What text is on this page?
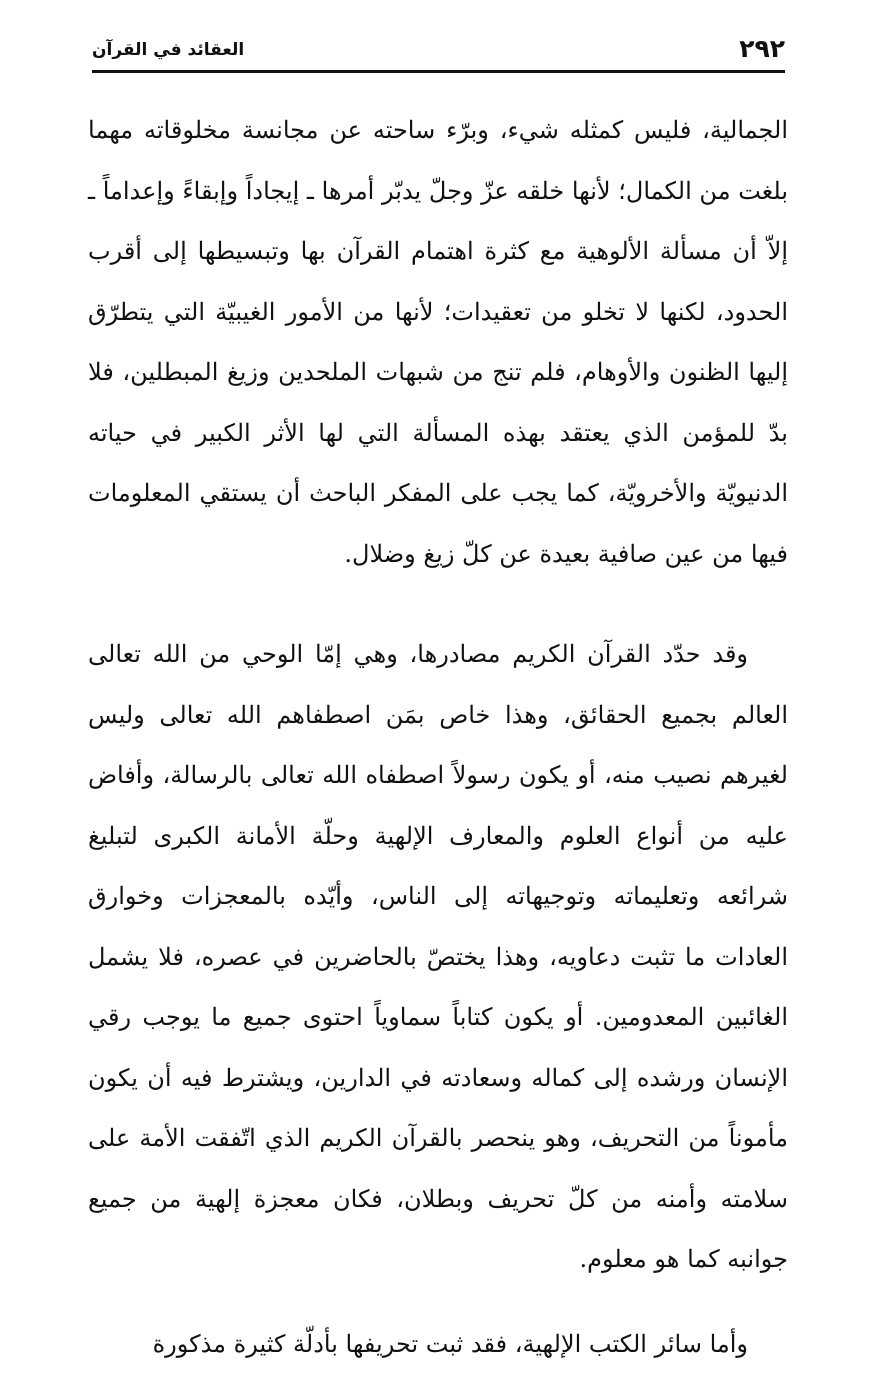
العقائد في القرآن	٢٩٢

الجمالية، فليس كمثله شيء، وبرّء ساحته عن مجانسة مخلوقاته مهما بلغت من الكمال؛ لأنها خلقه عزّ وجلّ يدبّر أمرها ـ إيجاداً وإبقاءً وإعداماً ـ إلاّ أن مسألة الألوهية مع كثرة اهتمام القرآن بها وتبسيطها إلى أقرب الحدود، لكنها لا تخلو من تعقيدات؛ لأنها من الأمور الغيبيّة التي يتطرّق إليها الظنون والأوهام، فلم تنج من شبهات الملحدين وزيغ المبطلين، فلا بدّ للمؤمن الذي يعتقد بهذه المسألة التي لها الأثر الكبير في حياته الدنيويّة والأخرويّة، كما يجب على المفكر الباحث أن يستقي المعلومات فيها من عين صافية بعيدة عن كلّ زيغ وضلال.

وقد حدّد القرآن الكريم مصادرها، وهي إمّا الوحي من الله تعالى العالم بجميع الحقائق، وهذا خاص بمَن اصطفاهم الله تعالى وليس لغيرهم نصيب منه، أو يكون رسولاً اصطفاه الله تعالى بالرسالة، وأفاض عليه من أنواع العلوم والمعارف الإلهية وحلّة الأمانة الكبرى لتبليغ شرائعه وتعليماته وتوجيهاته إلى الناس، وأيّده بالمعجزات وخوارق العادات ما تثبت دعاويه، وهذا يختصّ بالحاضرين في عصره، فلا يشمل الغائبين المعدومين. أو يكون كتاباً سماوياً احتوى جميع ما يوجب رقي الإنسان ورشده إلى كماله وسعادته في الدارين، ويشترط فيه أن يكون مأموناً من التحريف، وهو ينحصر بالقرآن الكريم الذي اتّفقت الأمة على سلامته وأمنه من كلّ تحريف وبطلان، فكان معجزة إلهية من جميع جوانبه كما هو معلوم.

وأما سائر الكتب الإلهية، فقد ثبت تحريفها بأدلّة كثيرة مذكورة
